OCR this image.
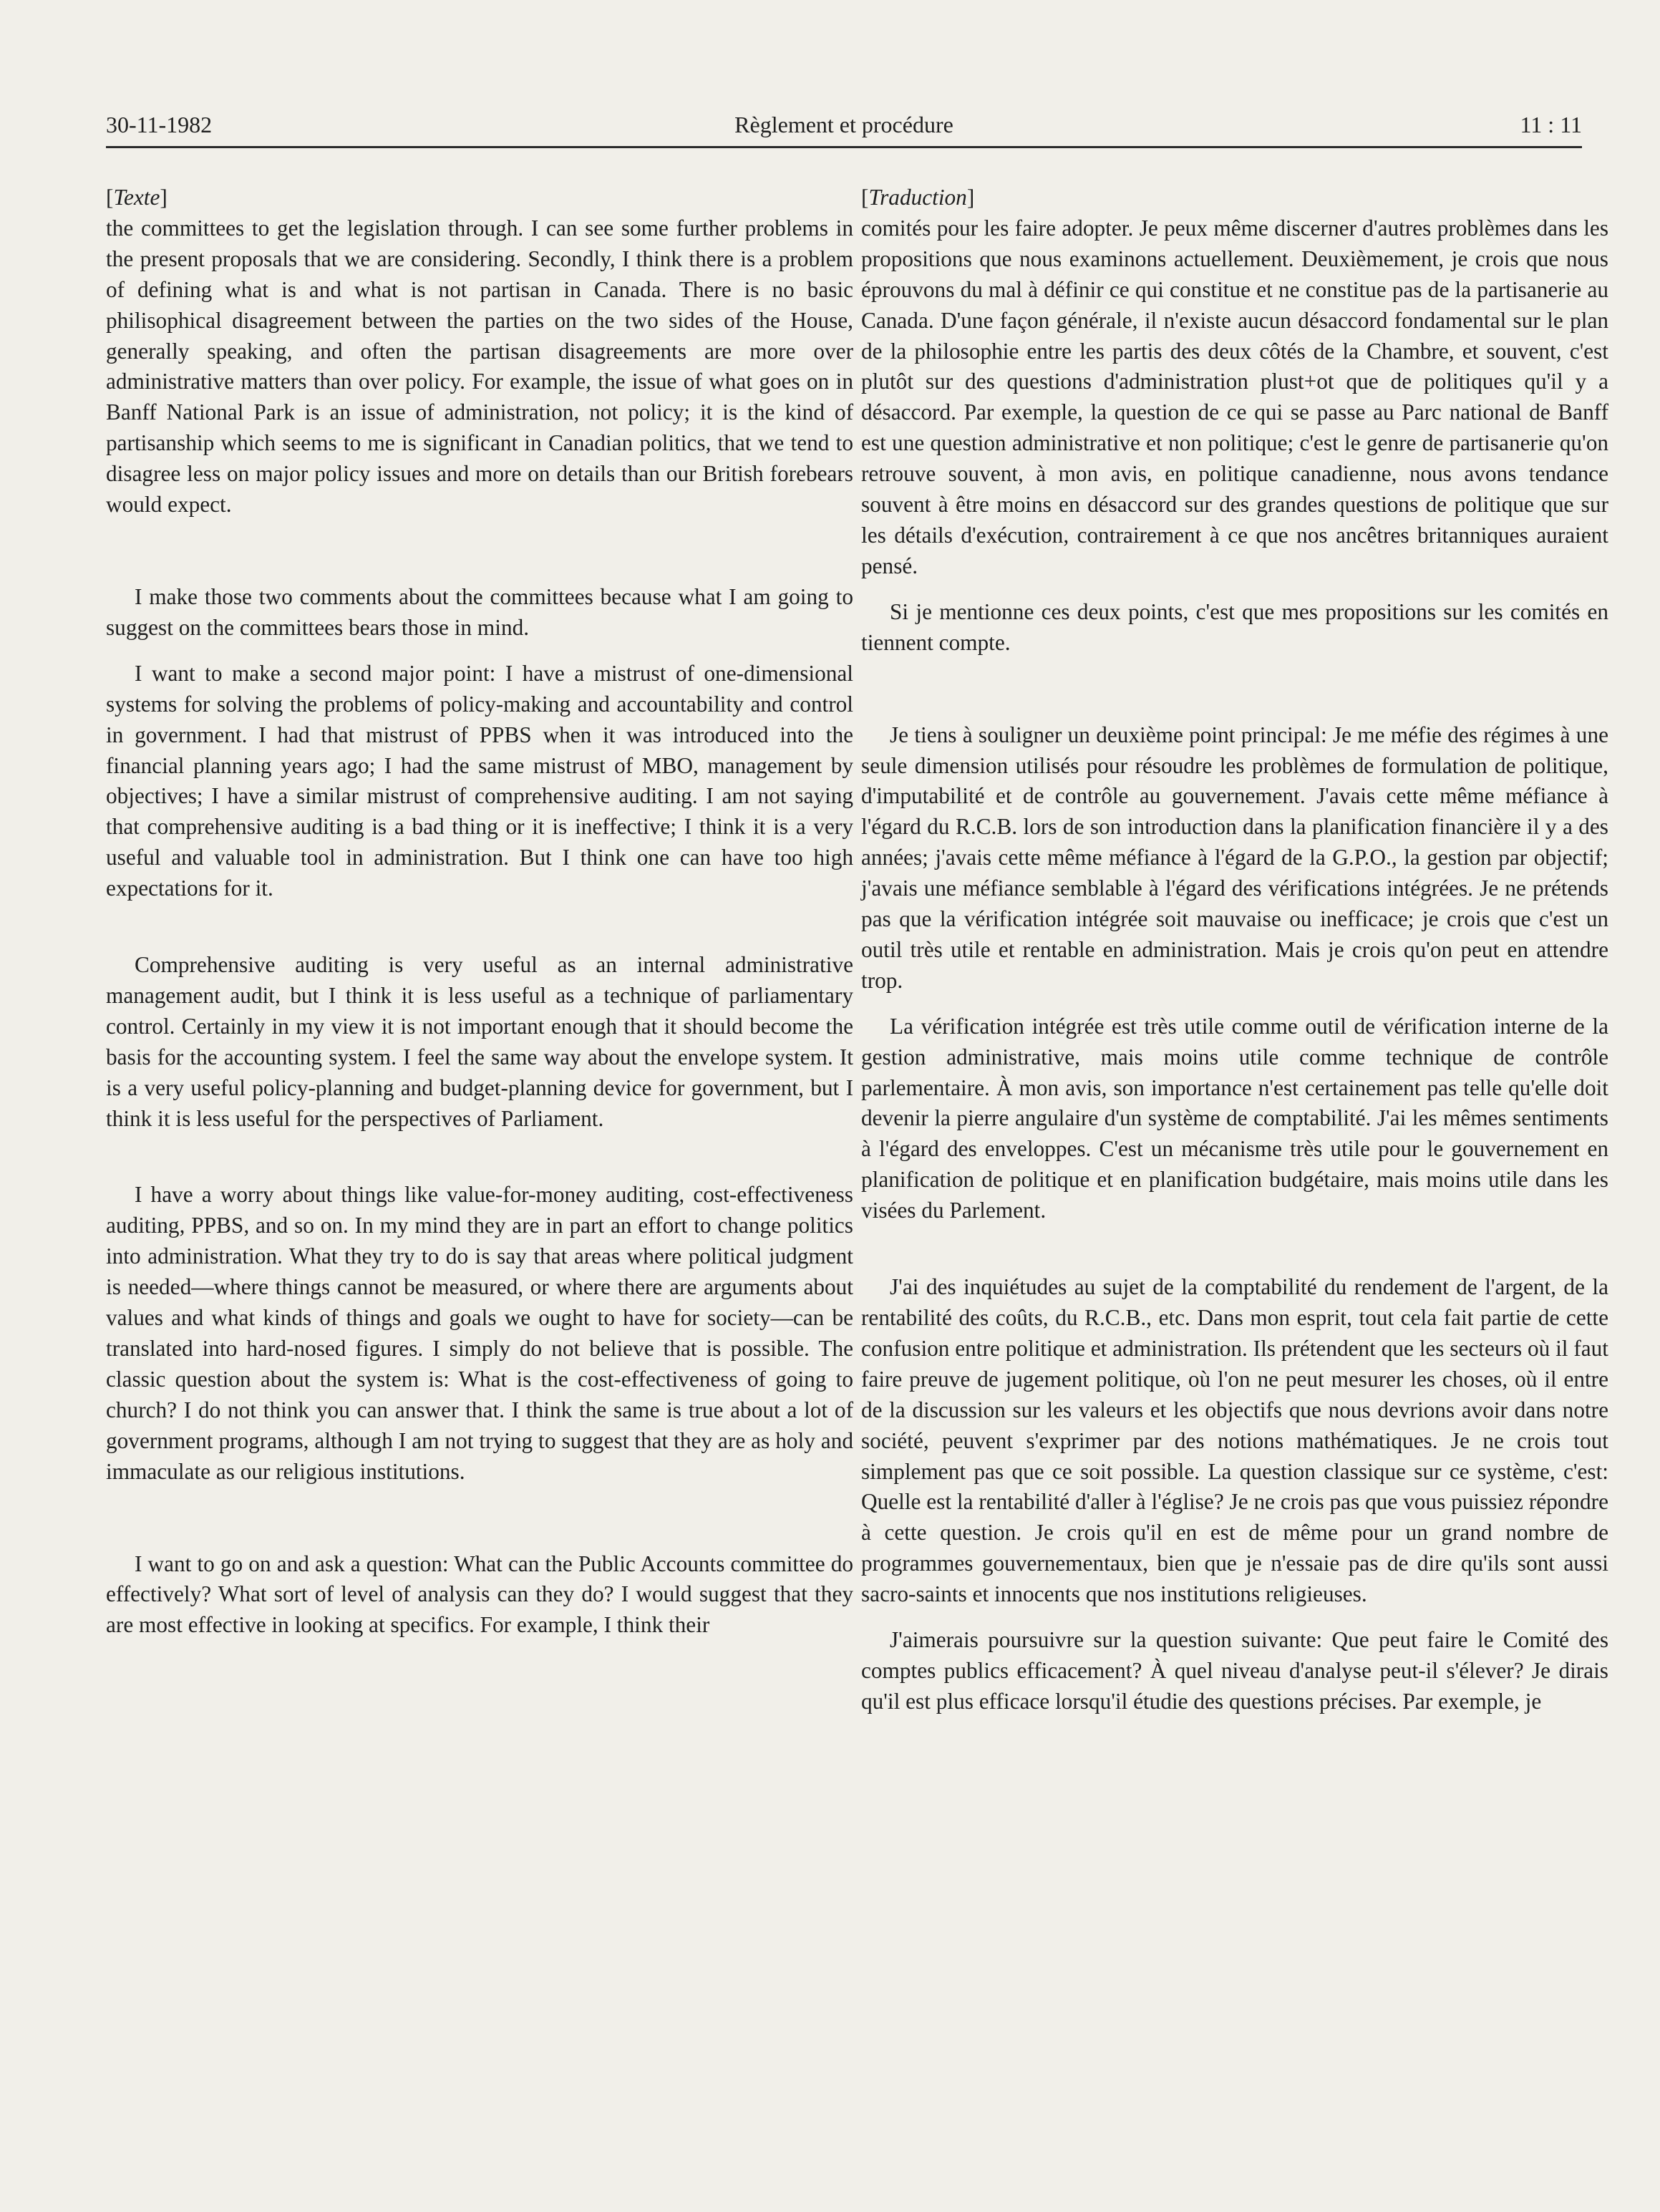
30-11-1982	Règlement et procédure	11 : 11

[Texte]

the committees to get the legislation through. I can see some further problems in the present proposals that we are considering. Secondly, I think there is a problem of defining what is and what is not partisan in Canada. There is no basic philisophical disagreement between the parties on the two sides of the House, generally speaking, and often the partisan disagreements are more over administrative matters than over policy. For example, the issue of what goes on in Banff National Park is an issue of administration, not policy; it is the kind of partisanship which seems to me is significant in Canadian politics, that we tend to disagree less on major policy issues and more on details than our British forebears would expect.

I make those two comments about the committees because what I am going to suggest on the committees bears those in mind.

I want to make a second major point: I have a mistrust of one-dimensional systems for solving the problems of policy-making and accountability and control in government. I had that mistrust of PPBS when it was introduced into the financial planning years ago; I had the same mistrust of MBO, management by objectives; I have a similar mistrust of comprehensive auditing. I am not saying that comprehensive auditing is a bad thing or it is ineffective; I think it is a very useful and valuable tool in administration. But I think one can have too high expectations for it.

Comprehensive auditing is very useful as an internal administrative management audit, but I think it is less useful as a technique of parliamentary control. Certainly in my view it is not important enough that it should become the basis for the accounting system. I feel the same way about the envelope system. It is a very useful policy-planning and budget-planning device for government, but I think it is less useful for the perspectives of Parliament.

I have a worry about things like value-for-money auditing, cost-effectiveness auditing, PPBS, and so on. In my mind they are in part an effort to change politics into administration. What they try to do is say that areas where political judgment is needed—where things cannot be measured, or where there are arguments about values and what kinds of things and goals we ought to have for society—can be translated into hard-nosed figures. I simply do not believe that is possible. The classic question about the system is: What is the cost-effectiveness of going to church? I do not think you can answer that. I think the same is true about a lot of government programs, although I am not trying to suggest that they are as holy and immaculate as our religious institutions.

I want to go on and ask a question: What can the Public Accounts committee do effectively? What sort of level of analysis can they do? I would suggest that they are most effective in looking at specifics. For example, I think their

[Traduction]

comités pour les faire adopter. Je peux même discerner d'autres problèmes dans les propositions que nous examinons actuellement. Deuxièmement, je crois que nous éprouvons du mal à définir ce qui constitue et ne constitue pas de la partisanerie au Canada. D'une façon générale, il n'existe aucun désaccord fondamental sur le plan de la philosophie entre les partis des deux côtés de la Chambre, et souvent, c'est plutôt sur des questions d'administration plust+ot que de politiques qu'il y a désaccord. Par exemple, la question de ce qui se passe au Parc national de Banff est une question administrative et non politique; c'est le genre de partisanerie qu'on retrouve souvent, à mon avis, en politique canadienne, nous avons tendance souvent à être moins en désaccord sur des grandes questions de politique que sur les détails d'exécution, contrairement à ce que nos ancêtres britanniques auraient pensé.

Si je mentionne ces deux points, c'est que mes propositions sur les comités en tiennent compte.

Je tiens à souligner un deuxième point principal: Je me méfie des régimes à une seule dimension utilisés pour résoudre les problèmes de formulation de politique, d'imputabilité et de contrôle au gouvernement. J'avais cette même méfiance à l'égard du R.C.B. lors de son introduction dans la planification financière il y a des années; j'avais cette même méfiance à l'égard de la G.P.O., la gestion par objectif; j'avais une méfiance semblable à l'égard des vérifications intégrées. Je ne prétends pas que la vérification intégrée soit mauvaise ou inefficace; je crois que c'est un outil très utile et rentable en administration. Mais je crois qu'on peut en attendre trop.

La vérification intégrée est très utile comme outil de vérification interne de la gestion administrative, mais moins utile comme technique de contrôle parlementaire. À mon avis, son importance n'est certainement pas telle qu'elle doit devenir la pierre angulaire d'un système de comptabilité. J'ai les mêmes sentiments à l'égard des enveloppes. C'est un mécanisme très utile pour le gouvernement en planification de politique et en planification budgétaire, mais moins utile dans les visées du Parlement.

J'ai des inquiétudes au sujet de la comptabilité du rendement de l'argent, de la rentabilité des coûts, du R.C.B., etc. Dans mon esprit, tout cela fait partie de cette confusion entre politique et administration. Ils prétendent que les secteurs où il faut faire preuve de jugement politique, où l'on ne peut mesurer les choses, où il entre de la discussion sur les valeurs et les objectifs que nous devrions avoir dans notre société, peuvent s'exprimer par des notions mathématiques. Je ne crois tout simplement pas que ce soit possible. La question classique sur ce système, c'est: Quelle est la rentabilité d'aller à l'église? Je ne crois pas que vous puissiez répondre à cette question. Je crois qu'il en est de même pour un grand nombre de programmes gouvernementaux, bien que je n'essaie pas de dire qu'ils sont aussi sacro-saints et innocents que nos institutions religieuses.

J'aimerais poursuivre sur la question suivante: Que peut faire le Comité des comptes publics efficacement? À quel niveau d'analyse peut-il s'élever? Je dirais qu'il est plus efficace lorsqu'il étudie des questions précises. Par exemple, je
